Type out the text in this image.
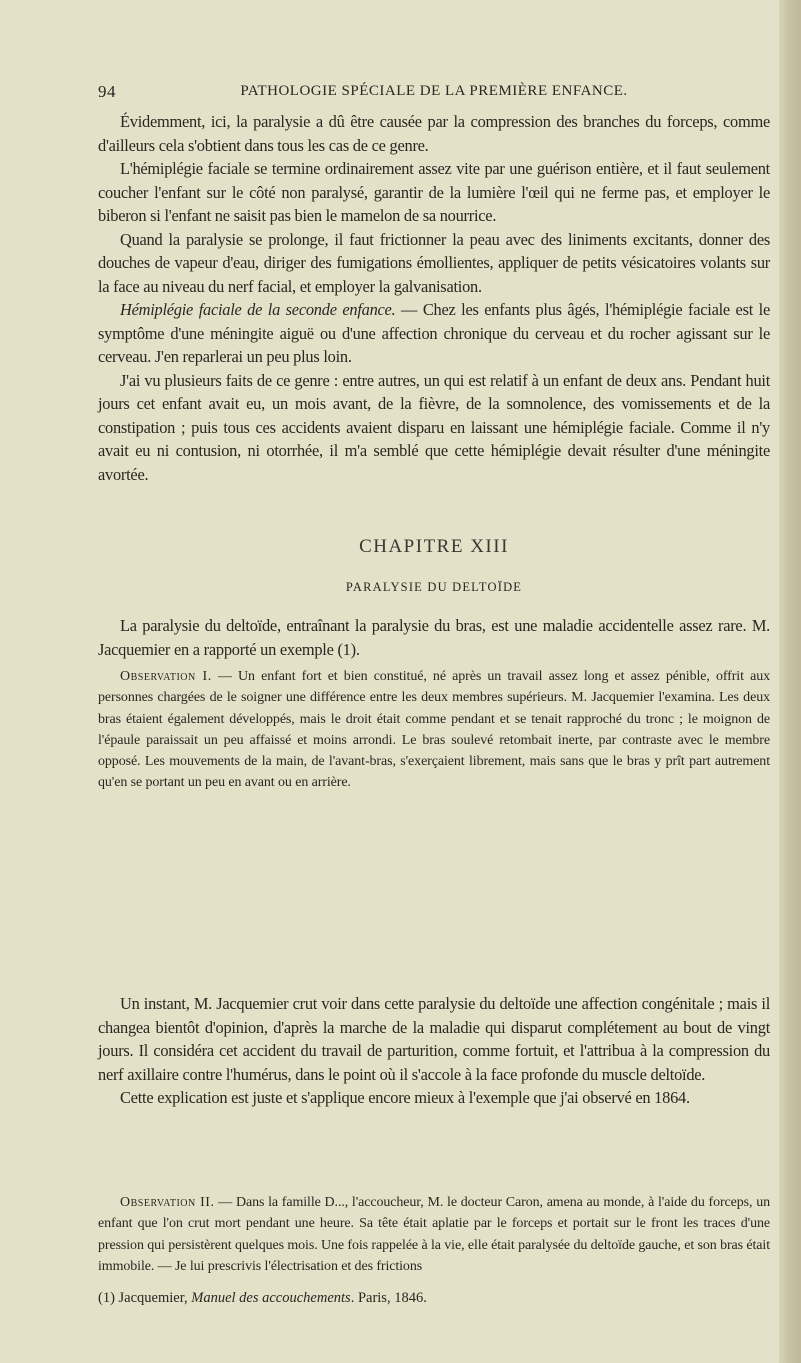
94	PATHOLOGIE SPÉCIALE DE LA PREMIÈRE ENFANCE.

Évidemment, ici, la paralysie a dû être causée par la compression des branches du forceps, comme d'ailleurs cela s'obtient dans tous les cas de ce genre.

L'hémiplégie faciale se termine ordinairement assez vite par une guérison entière, et il faut seulement coucher l'enfant sur le côté non paralysé, garantir de la lumière l'œil qui ne ferme pas, et employer le biberon si l'enfant ne saisit pas bien le mamelon de sa nourrice.

Quand la paralysie se prolonge, il faut frictionner la peau avec des liniments excitants, donner des douches de vapeur d'eau, diriger des fumigations émollientes, appliquer de petits vésicatoires volants sur la face au niveau du nerf facial, et employer la galvanisation.

Hémiplégie faciale de la seconde enfance. — Chez les enfants plus âgés, l'hémiplégie faciale est le symptôme d'une méningite aiguë ou d'une affection chronique du cerveau et du rocher agissant sur le cerveau. J'en reparlerai un peu plus loin.

J'ai vu plusieurs faits de ce genre : entre autres, un qui est relatif à un enfant de deux ans. Pendant huit jours cet enfant avait eu, un mois avant, de la fièvre, de la somnolence, des vomissements et de la constipation ; puis tous ces accidents avaient disparu en laissant une hémiplégie faciale. Comme il n'y avait eu ni contusion, ni otorrhée, il m'a semblé que cette hémiplégie devait résulter d'une méningite avortée.

CHAPITRE XIII
PARALYSIE DU DELTOÏDE

La paralysie du deltoïde, entraînant la paralysie du bras, est une maladie accidentelle assez rare. M. Jacquemier en a rapporté un exemple (1).

Observation I. — Un enfant fort et bien constitué, né après un travail assez long et assez pénible, offrit aux personnes chargées de le soigner une différence entre les deux membres supérieurs. M. Jacquemier l'examina. Les deux bras étaient également développés, mais le droit était comme pendant et se tenait rapproché du tronc ; le moignon de l'épaule paraissait un peu affaissé et moins arrondi. Le bras soulevé retombait inerte, par contraste avec le membre opposé. Les mouvements de la main, de l'avant-bras, s'exerçaient librement, mais sans que le bras y prît part autrement qu'en se portant un peu en avant ou en arrière.

Un instant, M. Jacquemier crut voir dans cette paralysie du deltoïde une affection congénitale ; mais il changea bientôt d'opinion, d'après la marche de la maladie qui disparut complétement au bout de vingt jours. Il considéra cet accident du travail de parturition, comme fortuit, et l'attribua à la compression du nerf axillaire contre l'humérus, dans le point où il s'accole à la face profonde du muscle deltoïde.

Cette explication est juste et s'applique encore mieux à l'exemple que j'ai observé en 1864.

Observation II. — Dans la famille D..., l'accoucheur, M. le docteur Caron, amena au monde, à l'aide du forceps, un enfant que l'on crut mort pendant une heure. Sa tête était aplatie par le forceps et portait sur le front les traces d'une pression qui persistèrent quelques mois. Une fois rappelée à la vie, elle était paralysée du deltoïde gauche, et son bras était immobile. — Je lui prescrivis l'électrisation et des frictions

(1) Jacquemier, Manuel des accouchements. Paris, 1846.
